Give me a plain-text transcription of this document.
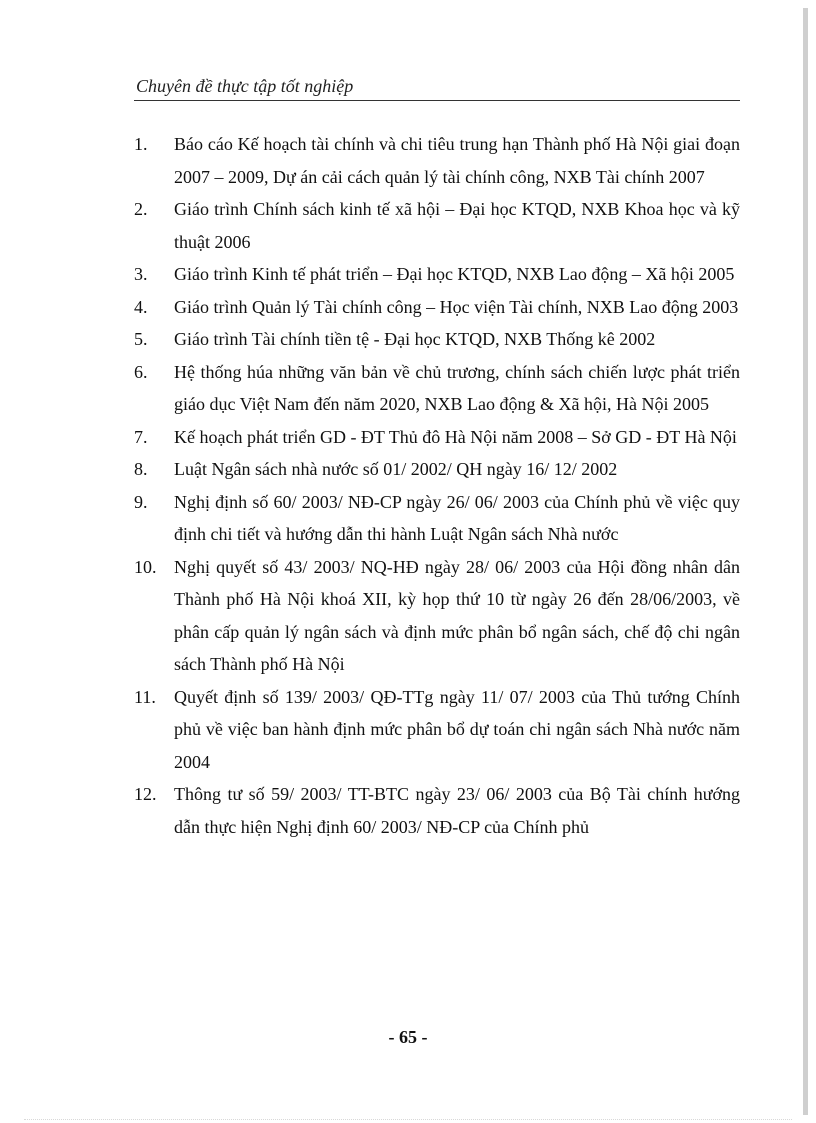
Chuyên đề thực tập tốt nghiệp
1.	Báo cáo Kế hoạch tài chính và chi tiêu trung hạn Thành phố Hà Nội giai đoạn 2007 – 2009, Dự án cải cách quản lý tài chính công, NXB Tài chính 2007
2.	Giáo trình Chính sách kinh tế xã hội – Đại học KTQD, NXB Khoa học và kỹ thuật 2006
3.	Giáo trình Kinh tế phát triển – Đại học KTQD, NXB Lao động – Xã hội 2005
4.	Giáo trình Quản lý Tài chính công – Học viện Tài chính, NXB Lao động 2003
5.	Giáo trình Tài chính tiền tệ - Đại học KTQD, NXB Thống kê 2002
6.	Hệ thống húa những văn bản về chủ trương, chính sách chiến lược phát triển giáo dục Việt Nam đến năm 2020, NXB Lao động & Xã hội, Hà Nội 2005
7.	Kế hoạch phát triển GD - ĐT Thủ đô Hà Nội năm 2008 – Sở GD - ĐT Hà Nội
8.	Luật Ngân sách nhà nước số 01/ 2002/ QH ngày 16/ 12/ 2002
9.	Nghị định số 60/ 2003/ NĐ-CP ngày 26/ 06/ 2003 của Chính phủ về việc quy định chi tiết và hướng dẫn thi hành Luật Ngân sách Nhà nước
10. Nghị quyết số 43/ 2003/ NQ-HĐ ngày 28/ 06/ 2003 của Hội đồng nhân dân Thành phố Hà Nội khoá XII, kỳ họp thứ 10 từ ngày 26 đến 28/06/2003, về phân cấp quản lý ngân sách và định mức phân bổ ngân sách, chế độ chi ngân sách Thành phố Hà Nội
11.	Quyết định số 139/ 2003/ QĐ-TTg ngày 11/ 07/ 2003 của Thủ tướng Chính phủ về việc ban hành định mức phân bổ dự toán chi ngân sách Nhà nước năm 2004
12. Thông tư số 59/ 2003/ TT-BTC ngày 23/ 06/ 2003 của Bộ Tài chính hướng dẫn thực hiện Nghị định 60/ 2003/ NĐ-CP của Chính phủ
- 65 -
